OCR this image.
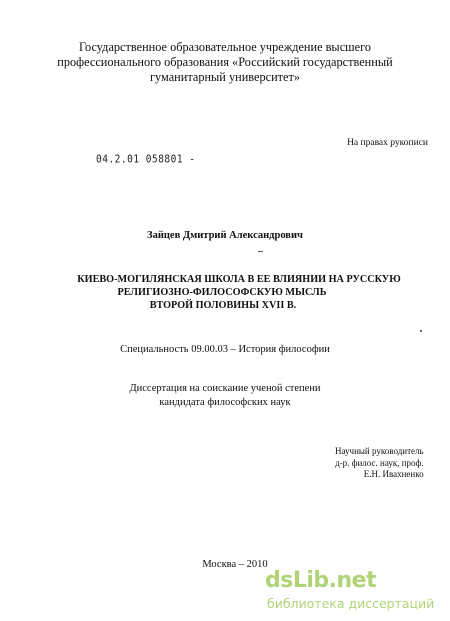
Государственное образовательное учреждение высшего
профессионального образования «Российский государственный
гуманитарный университет»
На правах рукописи
04.2.01 058801 -
Зайцев Дмитрий Александрович
КИЕВО-МОГИЛЯНСКАЯ ШКОЛА В ЕЕ ВЛИЯНИИ НА РУССКУЮ
РЕЛИГИОЗНО-ФИЛОСОФСКУЮ МЫСЛЬ
ВТОРОЙ ПОЛОВИНЫ XVII В.
Специальность 09.00.03 – История философии
Диссертация на соискание ученой степени
кандидата философских наук
Научный руководитель
д-р. филос. наук, проф.
Е.Н. Ивахненко
Москва – 2010
dsLib.net
библиотека диссертаций
